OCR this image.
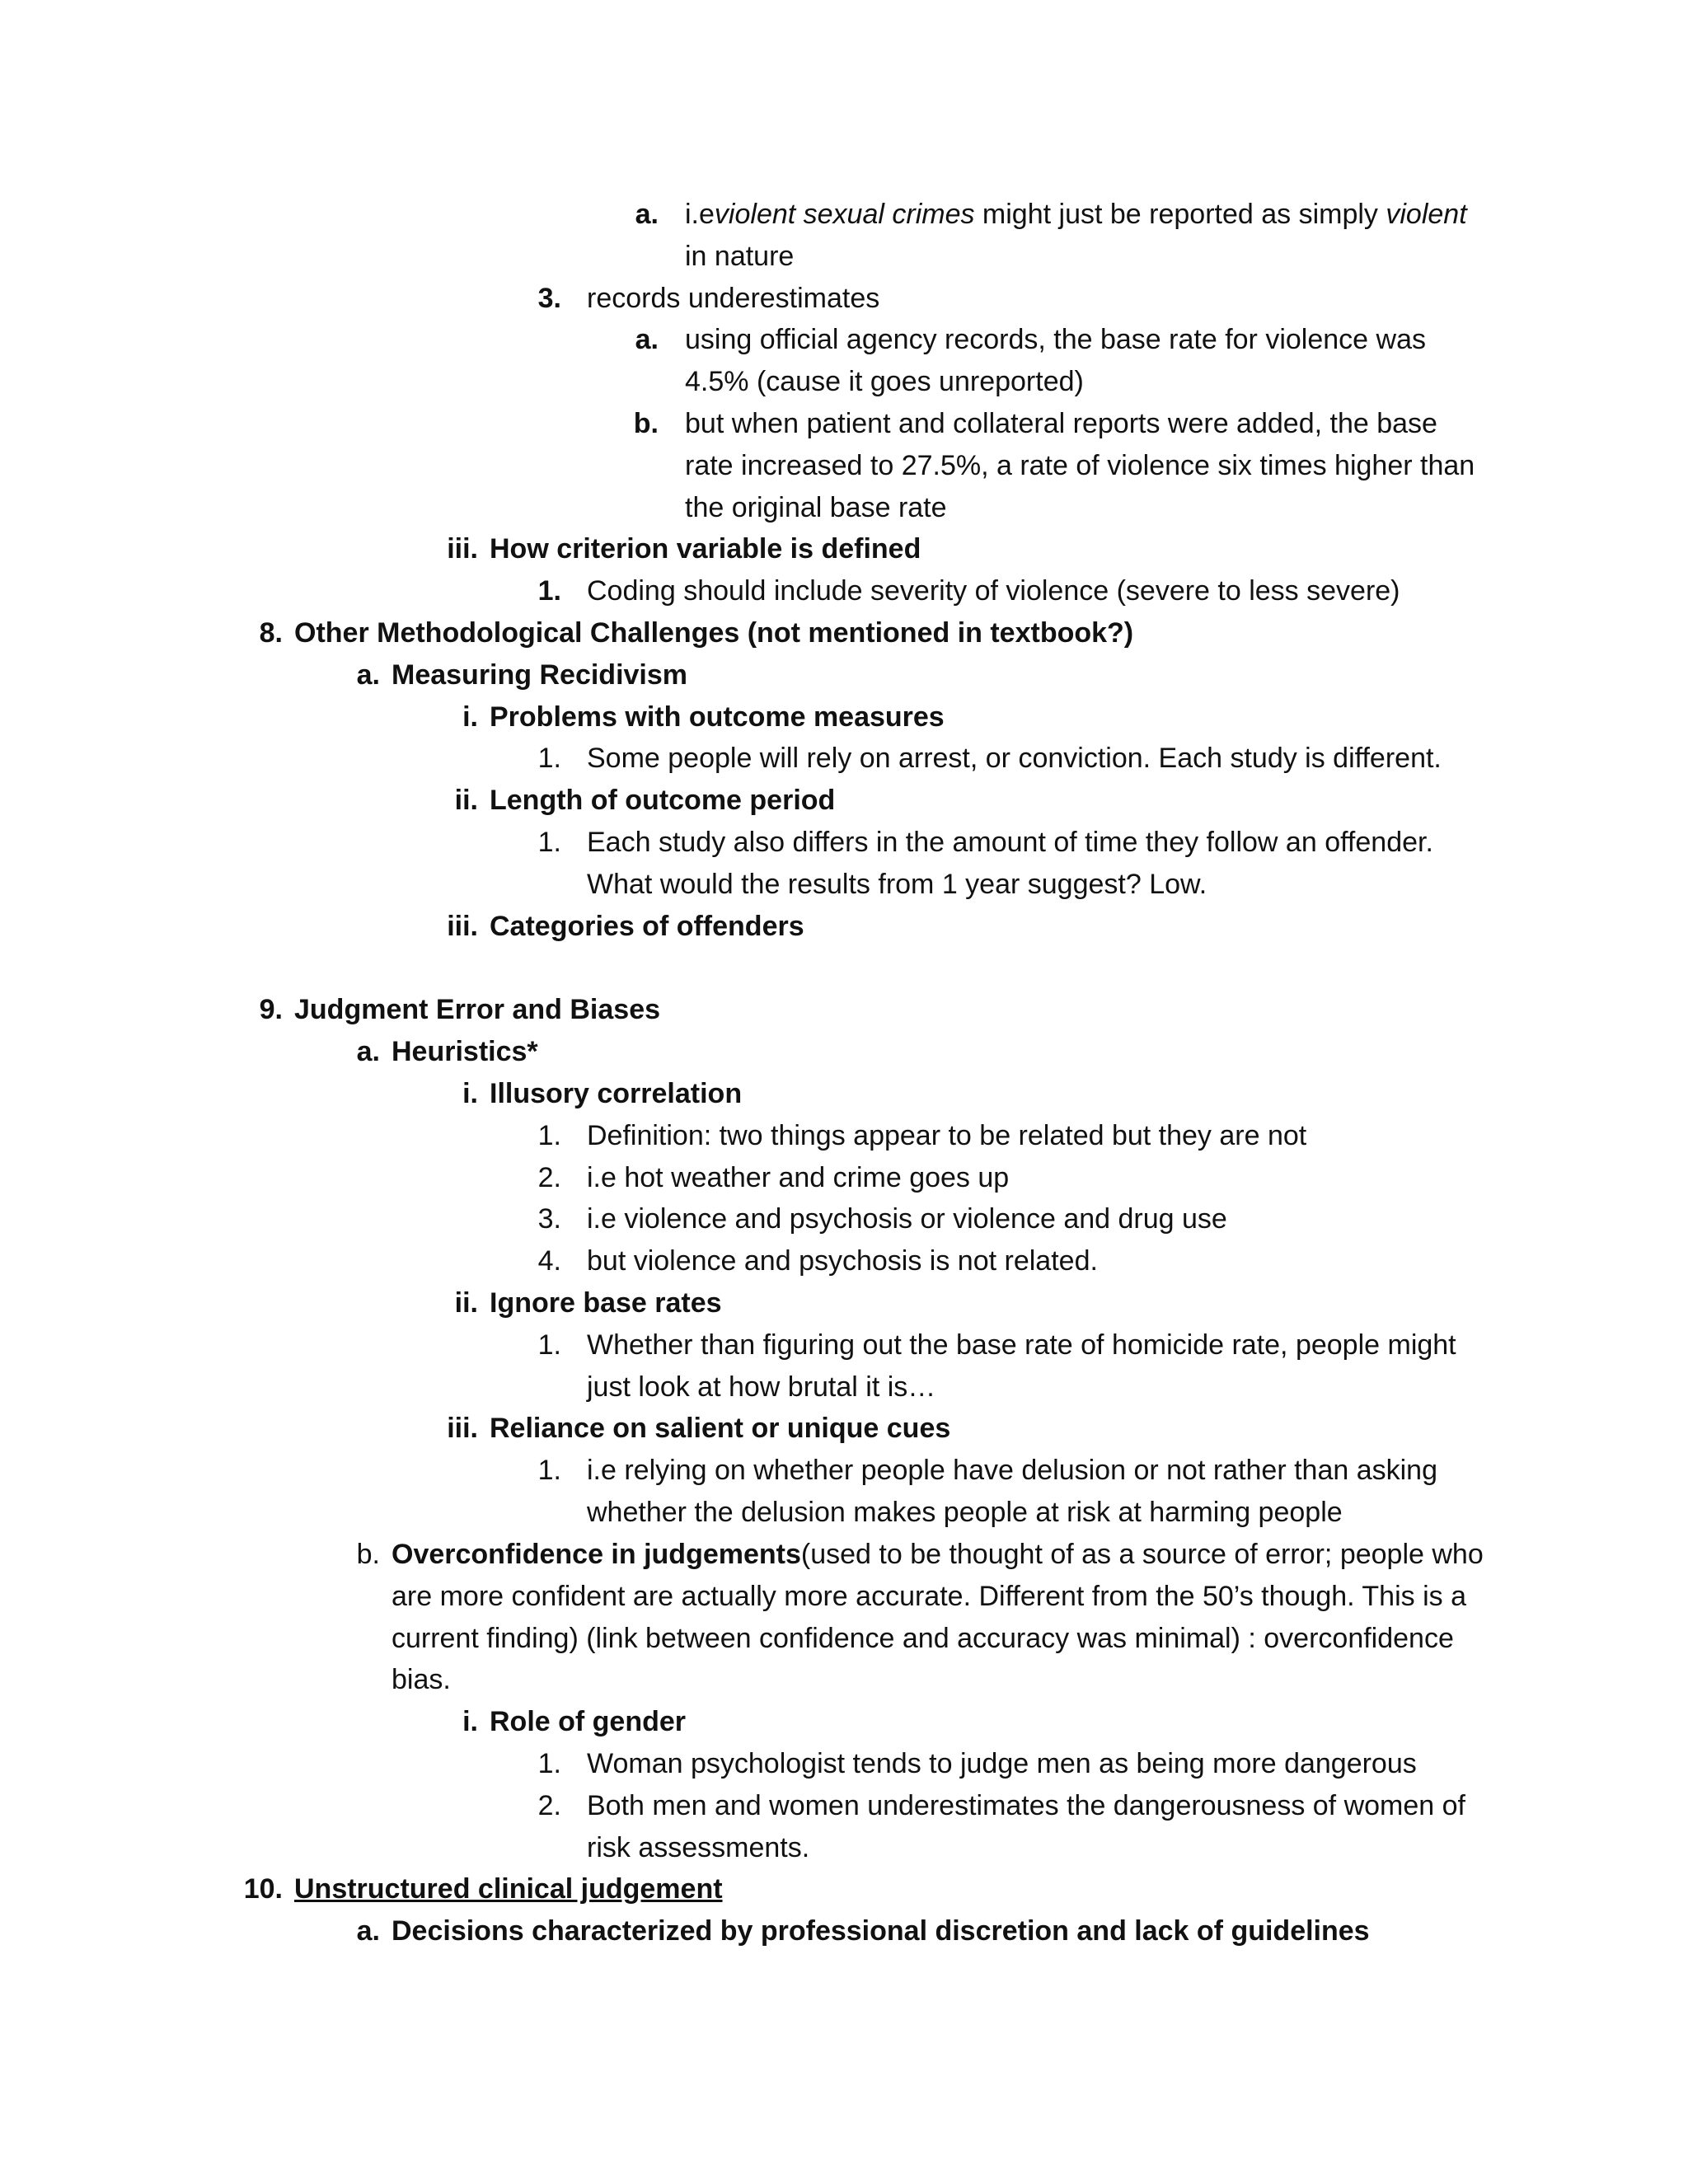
a. i.eviolent sexual crimes might just be reported as simply violent
in nature
3. records underestimates
a. using official agency records, the base rate for violence was
4.5% (cause it goes unreported)
b. but when patient and collateral reports were added, the base
rate increased to 27.5%, a rate of violence six times higher than
the original base rate
iii. How criterion variable is defined
1. Coding should include severity of violence (severe to less severe)
8. Other Methodological Challenges (not mentioned in textbook?)
a. Measuring Recidivism
i. Problems with outcome measures
1. Some people will rely on arrest, or conviction. Each study is different.
ii. Length of outcome period
1. Each study also differs in the amount of time they follow an offender.
What would the results from 1 year suggest? Low.
iii. Categories of offenders
9. Judgment Error and Biases
a. Heuristics*
i. Illusory correlation
1. Definition: two things appear to be related but they are not
2. i.e hot weather and crime goes up
3. i.e violence and psychosis or violence and drug use
4. but violence and psychosis is not related.
ii. Ignore base rates
1. Whether than figuring out the base rate of homicide rate, people might
just look at how brutal it is…
iii. Reliance on salient or unique cues
1. i.e relying on whether people have delusion or not rather than asking
whether the delusion makes people at risk at harming people
b. Overconfidence in judgements(used to be thought of as a source of error; people who
are more confident are actually more accurate. Different from the 50’s though. This is a
current finding) (link between confidence and accuracy was minimal) : overconfidence
bias.
i. Role of gender
1. Woman psychologist tends to judge men as being more dangerous
2. Both men and women underestimates the dangerousness of women of
risk assessments.
10. Unstructured clinical judgement
a. Decisions characterized by professional discretion and lack of guidelines
